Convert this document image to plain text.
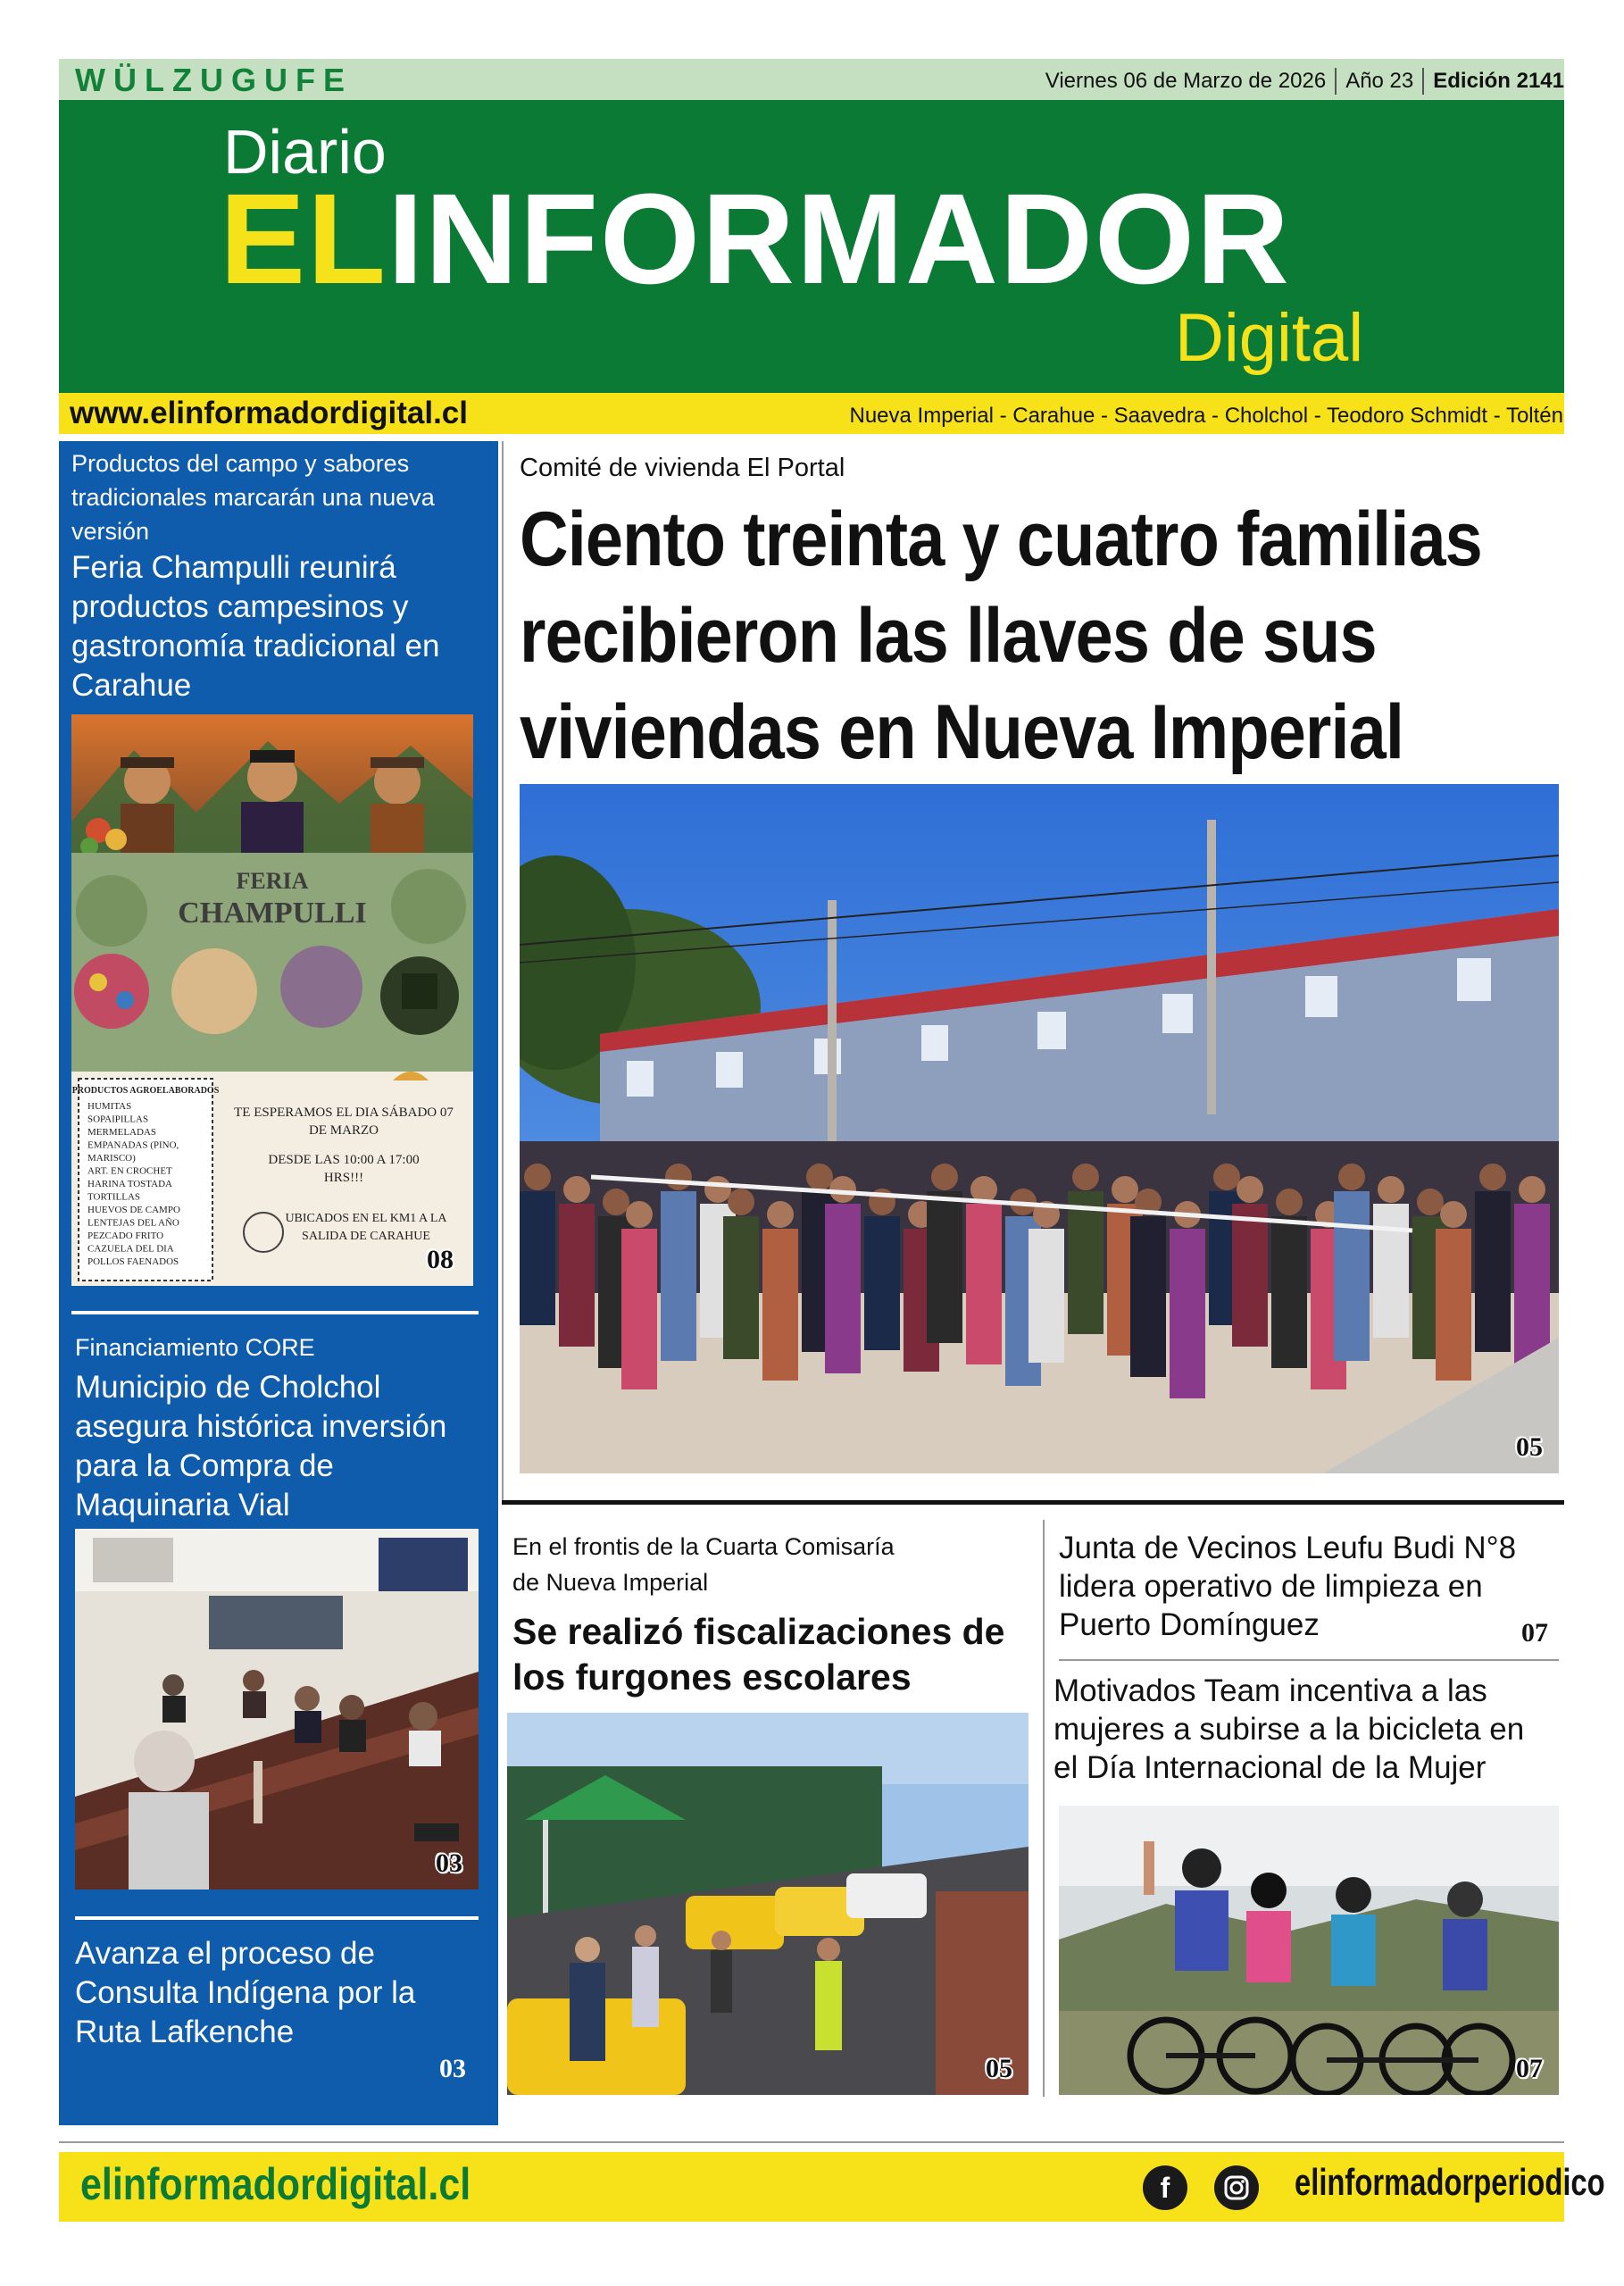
WÜLZUGUFE	Viernes 06 de Marzo de 2026 Año 23 Edición 2141
Diario
ELINFORMADOR
Digital
www.elinformadordigital.cl	Nueva Imperial - Carahue - Saavedra - Cholchol - Teodoro Schmidt - Toltén
Productos del campo y sabores tradicionales marcarán una nueva versión
Feria Champulli reunirá productos campesinos y gastronomía tradicional en Carahue
FERIA
CHAMPULLI
PRODUCTOS AGROELABORADOS
HUMITAS
SOPAIPILLAS
MERMELADAS
EMPANADAS (PINO,
MARISCO)
ART. EN CROCHET
HARINA TOSTADA
TORTILLAS
HUEVOS DE CAMPO
LENTEJAS DEL AÑO
PEZCADO FRITO
CAZUELA DEL DIA
POLLOS FAENADOS
TE ESPERAMOS EL DIA SÁBADO 07
DE MARZO
DESDE LAS 10:00 A 17:00
HRS!!!
UBICADOS EN EL KM1 A LA
SALIDA DE CARAHUE
08
Financiamiento CORE
Municipio de Cholchol asegura histórica inversión para la Compra de Maquinaria Vial
03
Avanza el proceso de Consulta Indígena por la Ruta Lafkenche
03
Comité de vivienda El Portal
Ciento treinta y cuatro familias
recibieron las llaves de sus
viviendas en Nueva Imperial
05
En el frontis de la Cuarta Comisaría
de Nueva Imperial
Se realizó fiscalizaciones de
los furgones escolares
05
Junta de Vecinos Leufu Budi N°8
lidera operativo de limpieza en
Puerto Domínguez	07
Motivados Team incentiva a las
mujeres a subirse a la bicicleta en
el Día Internacional de la Mujer
07
elinformadordigital.cl	f	elinformadorperiodico
